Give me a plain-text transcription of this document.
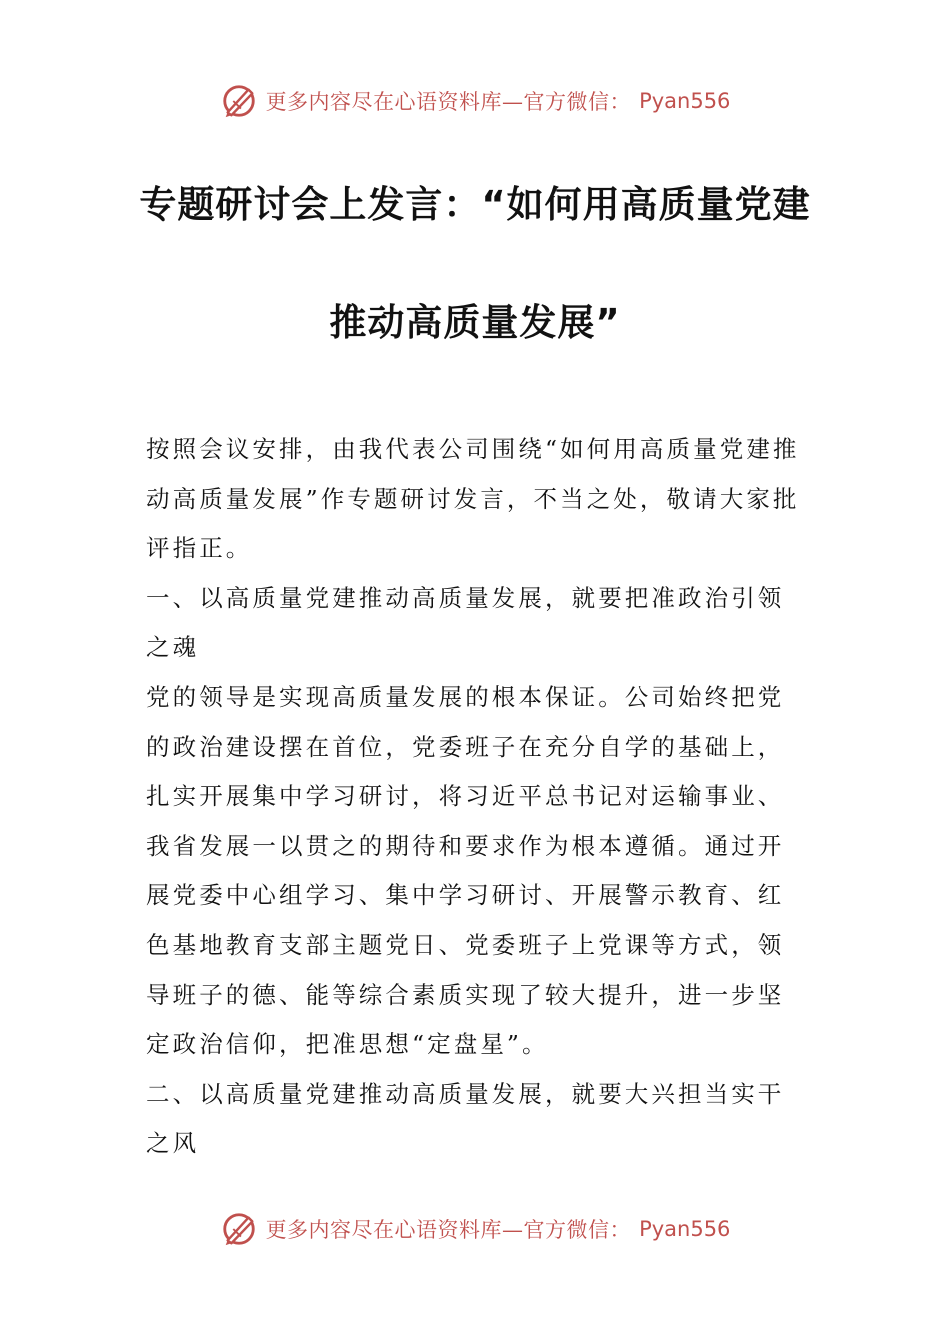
更多内容尽在心语资料库—官方微信： Pyan556
专题研讨会上发言：“如何用高质量党建
推动高质量发展”

按照会议安排，由我代表公司围绕“如何用高质量党建推动高质量发展”作专题研讨发言，不当之处，敬请大家批评指正。

一、以高质量党建推动高质量发展，就要把准政治引领之魂

党的领导是实现高质量发展的根本保证。公司始终把党的政治建设摆在首位，党委班子在充分自学的基础上，扎实开展集中学习研讨，将习近平总书记对运输事业、我省发展一以贯之的期待和要求作为根本遵循。通过开展党委中心组学习、集中学习研讨、开展警示教育、红色基地教育支部主题党日、党委班子上党课等方式，领导班子的德、能等综合素质实现了较大提升，进一步坚定政治信仰，把准思想“定盘星”。

二、以高质量党建推动高质量发展，就要大兴担当实干之风

更多内容尽在心语资料库—官方微信： Pyan556
